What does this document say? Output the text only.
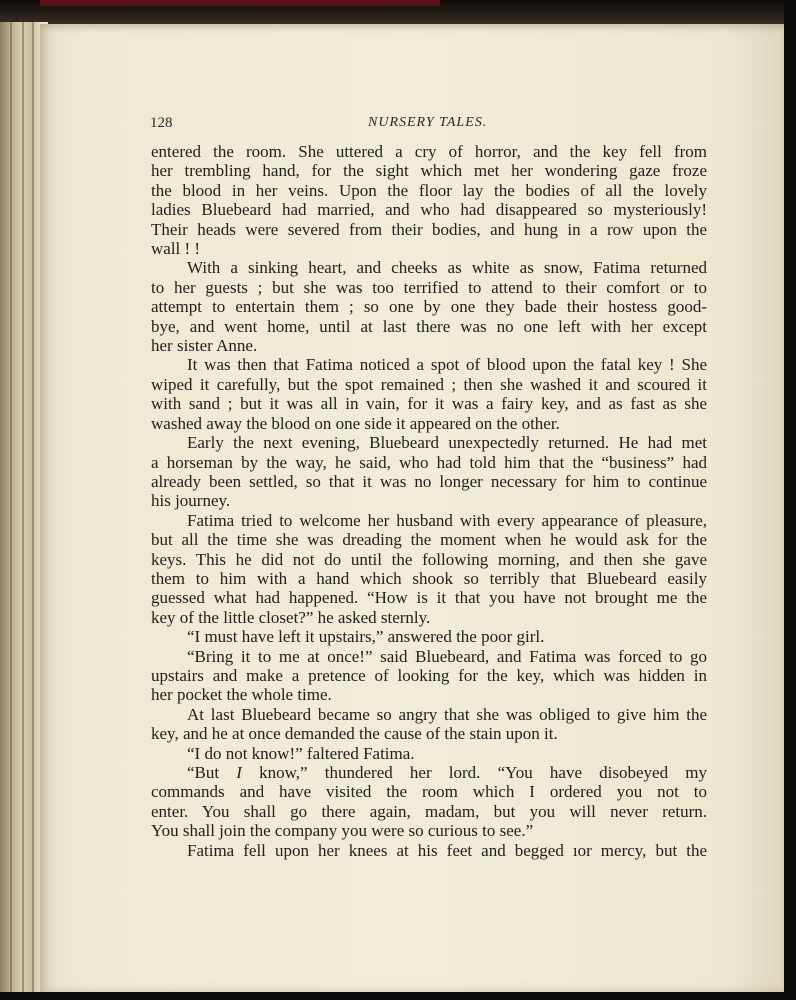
128	NURSERY TALES.
entered the room. She uttered a cry of horror, and the key fell from
her trembling hand, for the sight which met her wondering gaze froze
the blood in her veins. Upon the floor lay the bodies of all the lovely
ladies Bluebeard had married, and who had disappeared so mysteriously!
Their heads were severed from their bodies, and hung in a row upon the
wall ! !
With a sinking heart, and cheeks as white as snow, Fatima returned
to her guests ; but she was too terrified to attend to their comfort or to
attempt to entertain them ; so one by one they bade their hostess good-
bye, and went home, until at last there was no one left with her except
her sister Anne.
It was then that Fatima noticed a spot of blood upon the fatal key ! She
wiped it carefully, but the spot remained ; then she washed it and scoured it
with sand ; but it was all in vain, for it was a fairy key, and as fast as she
washed away the blood on one side it appeared on the other.
Early the next evening, Bluebeard unexpectedly returned. He had met
a horseman by the way, he said, who had told him that the “business” had
already been settled, so that it was no longer necessary for him to continue
his journey.
Fatima tried to welcome her husband with every appearance of pleasure,
but all the time she was dreading the moment when he would ask for the
keys. This he did not do until the following morning, and then she gave
them to him with a hand which shook so terribly that Bluebeard easily
guessed what had happened. “How is it that you have not brought me the
key of the little closet?” he asked sternly.
“I must have left it upstairs,” answered the poor girl.
“Bring it to me at once!” said Bluebeard, and Fatima was forced to go
upstairs and make a pretence of looking for the key, which was hidden in
her pocket the whole time.
At last Bluebeard became so angry that she was obliged to give him the
key, and he at once demanded the cause of the stain upon it.
“I do not know!” faltered Fatima.
“But I know,” thundered her lord. “You have disobeyed my
commands and have visited the room which I ordered you not to
enter. You shall go there again, madam, but you will never return.
You shall join the company you were so curious to see.”
Fatima fell upon her knees at his feet and begged ıor mercy, but the
